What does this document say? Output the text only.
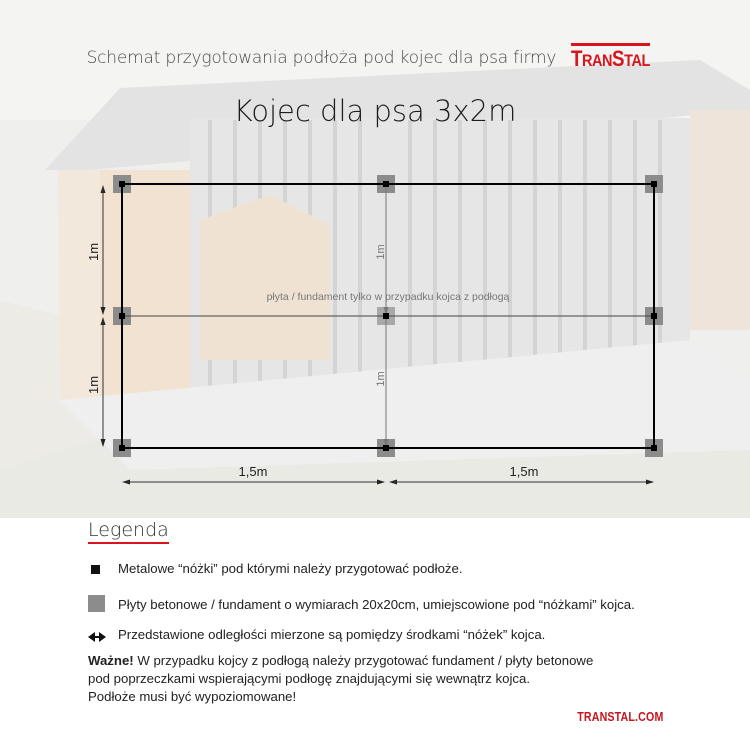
Schemat przygotowania podłoża pod kojec dla psa firmy TRANSTAL
Kojec dla psa 3x2m
1,5m	1,5m
1m
1m
1m
1m
płyta / fundament tylko w przypadku kojca z podłogą
Legenda
Metalowe “nóżki” pod którymi należy przygotować podłoże.
Płyty betonowe / fundament o wymiarach 20x20cm, umiejscowione pod “nóżkami” kojca.
Przedstawione odległości mierzone są pomiędzy środkami “nóżek” kojca.
Ważne! W przypadku kojcy z podłogą należy przygotować fundament / płyty betonowe
pod poprzeczkami wspierającymi podłogę znajdującymi się wewnątrz kojca.
Podłoże musi być wypoziomowane!
TRANSTAL.COM
